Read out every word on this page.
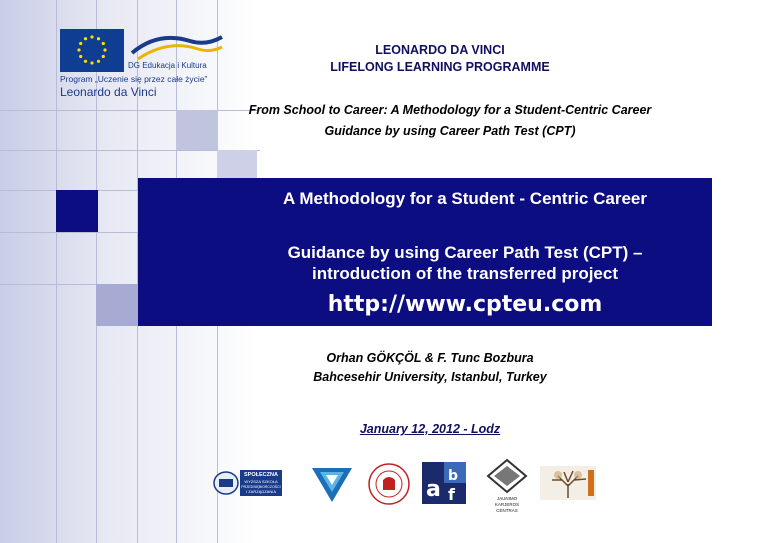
DG Edukacja i Kultura
Program „Uczenie się przez całe życie”
Leonardo da Vinci
LEONARDO DA VINCI
LIFELONG LEARNING PROGRAMME
From School to Career: A Methodology for a Student-Centric Career
Guidance by using Career Path Test (CPT)
A Methodology for a Student - Centric Career
Guidance by using Career Path Test (CPT) –
introduction of the transferred project
http://www.cpteu.com
Orhan GÖKÇÖL & F. Tunc Bozbura
Bahcesehir University, Istanbul, Turkey
January 12, 2012 - Lodz
SPOŁECZNA
WYŻSZA SZKOŁA
PRZEDSIĘBIORCZOŚCI
I ZARZĄDZANIA	a
b
f	JAUNIMO
KARJEROS
CENTRAS
